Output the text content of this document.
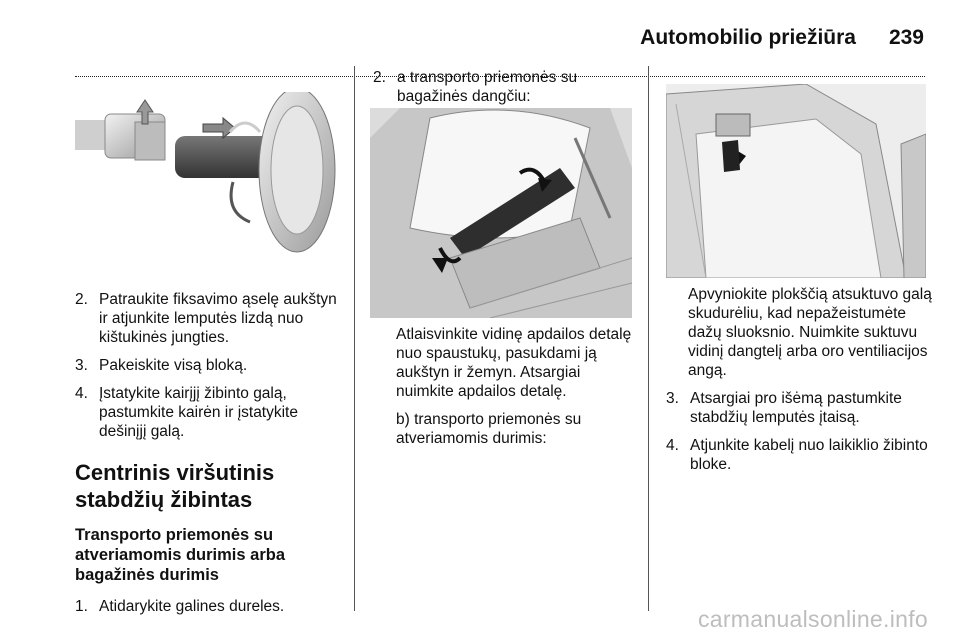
Automobilio priežiūra 239
2. Patraukite fiksavimo ąselę aukštyn ir atjunkite lemputės lizdą nuo kištukinės jungties.
3. Pakeiskite visą bloką.
4. Įstatykite kairįjį žibinto galą, pastumkite kairėn ir įstatykite dešinįjį galą.
Centrinis viršutinis stabdžių žibintas
Transporto priemonės su atveriamomis durimis arba bagažinės durimis
1. Atidarykite galines dureles.
2. a transporto priemonės su bagažinės dangčiu:
Atlaisvinkite vidinę apdailos detalę nuo spaustukų, pasukdami ją aukštyn ir žemyn. Atsargiai nuimkite apdailos detalę.
b) transporto priemonės su atveriamomis durimis:
Apvyniokite plokščią atsuktuvo galą skudurėliu, kad nepažeistumėte dažų sluoksnio. Nuimkite suktuvu vidinį dangtelį arba oro ventiliacijos angą.
3. Atsargiai pro išėmą pastumkite stabdžių lemputės įtaisą.
4. Atjunkite kabelį nuo laikiklio žibinto bloke.
carmanualsonline.info
